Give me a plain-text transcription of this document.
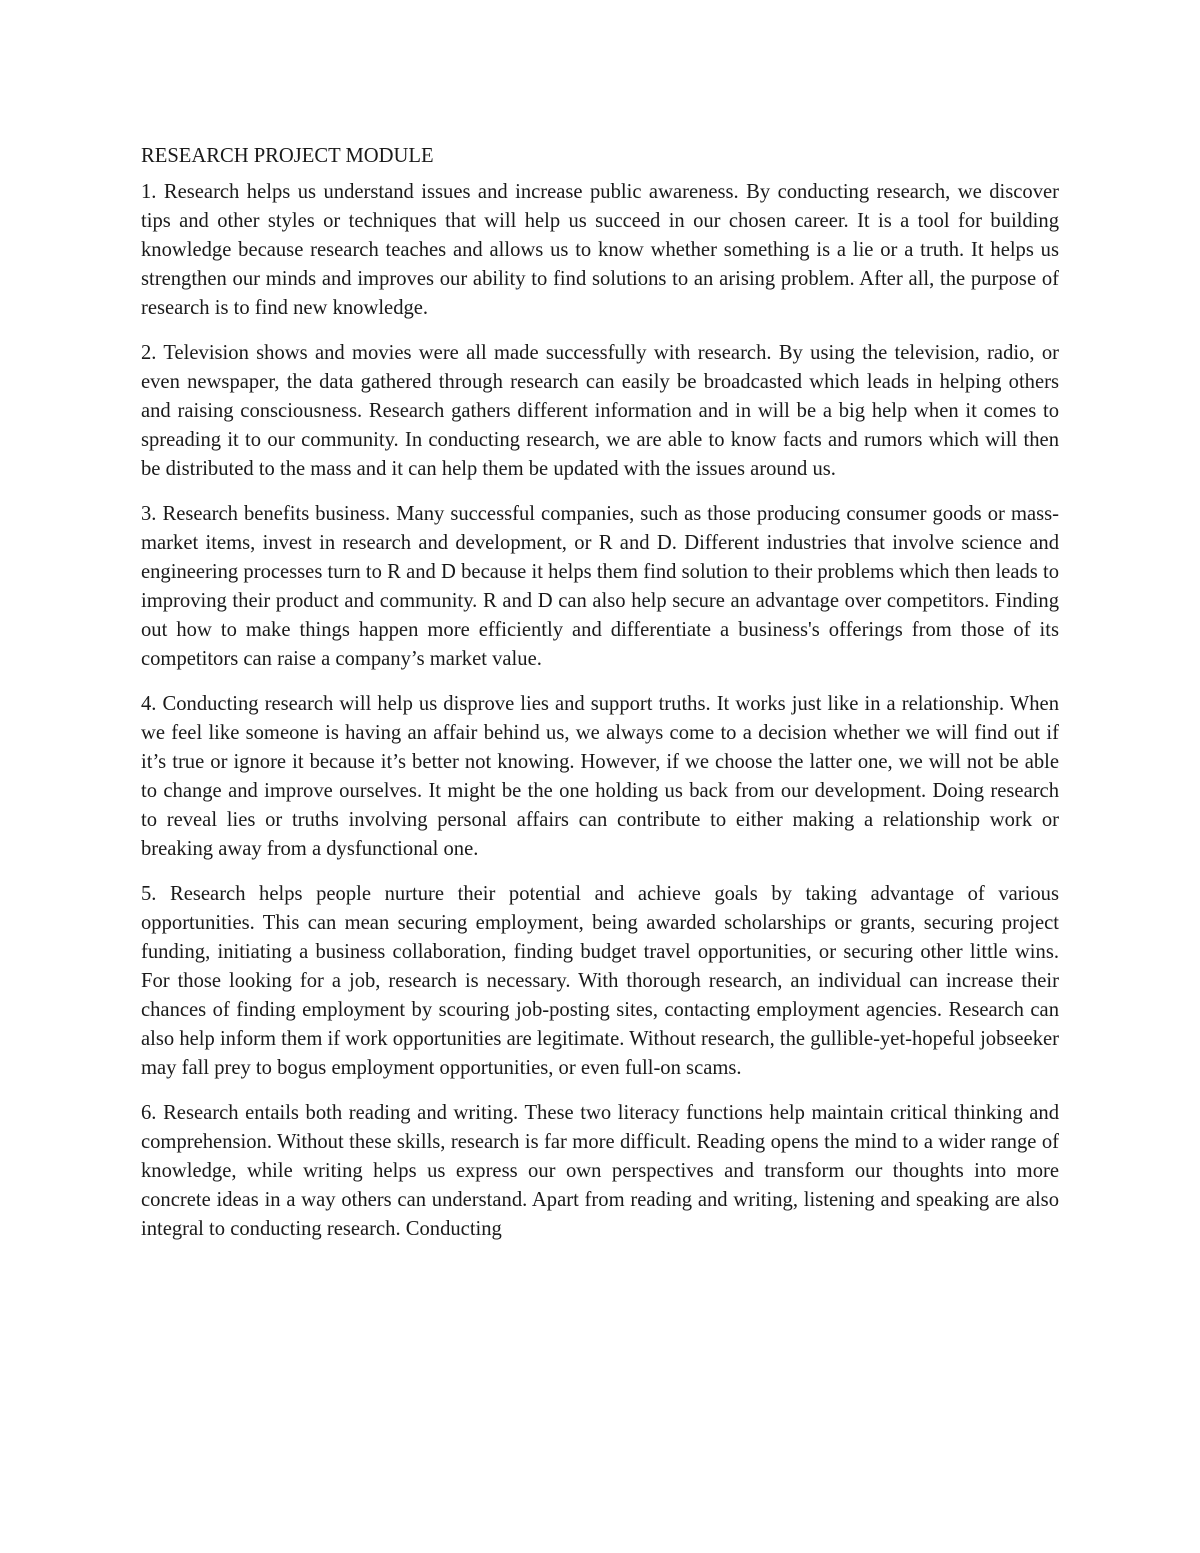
RESEARCH PROJECT MODULE

1. Research helps us understand issues and increase public awareness. By conducting research, we discover tips and other styles or techniques that will help us succeed in our chosen career. It is a tool for building knowledge because research teaches and allows us to know whether something is a lie or a truth. It helps us strengthen our minds and improves our ability to find solutions to an arising problem. After all, the purpose of research is to find new knowledge.

2. Television shows and movies were all made successfully with research. By using the television, radio, or even newspaper, the data gathered through research can easily be broadcasted which leads in helping others and raising consciousness. Research gathers different information and in will be a big help when it comes to spreading it to our community. In conducting research, we are able to know facts and rumors which will then be distributed to the mass and it can help them be updated with the issues around us.

3. Research benefits business. Many successful companies, such as those producing consumer goods or mass-market items, invest in research and development, or R and D. Different industries that involve science and engineering processes turn to R and D because it helps them find solution to their problems which then leads to improving their product and community. R and D can also help secure an advantage over competitors. Finding out how to make things happen more efficiently and differentiate a business's offerings from those of its competitors can raise a company’s market value.

4. Conducting research will help us disprove lies and support truths. It works just like in a relationship. When we feel like someone is having an affair behind us, we always come to a decision whether we will find out if it’s true or ignore it because it’s better not knowing. However, if we choose the latter one, we will not be able to change and improve ourselves. It might be the one holding us back from our development. Doing research to reveal lies or truths involving personal affairs can contribute to either making a relationship work or breaking away from a dysfunctional one.

5. Research helps people nurture their potential and achieve goals by taking advantage of various opportunities. This can mean securing employment, being awarded scholarships or grants, securing project funding, initiating a business collaboration, finding budget travel opportunities, or securing other little wins. For those looking for a job, research is necessary. With thorough research, an individual can increase their chances of finding employment by scouring job-posting sites, contacting employment agencies. Research can also help inform them if work opportunities are legitimate. Without research, the gullible-yet-hopeful jobseeker may fall prey to bogus employment opportunities, or even full-on scams.

6. Research entails both reading and writing. These two literacy functions help maintain critical thinking and comprehension. Without these skills, research is far more difficult. Reading opens the mind to a wider range of knowledge, while writing helps us express our own perspectives and transform our thoughts into more concrete ideas in a way others can understand. Apart from reading and writing, listening and speaking are also integral to conducting research. Conducting
